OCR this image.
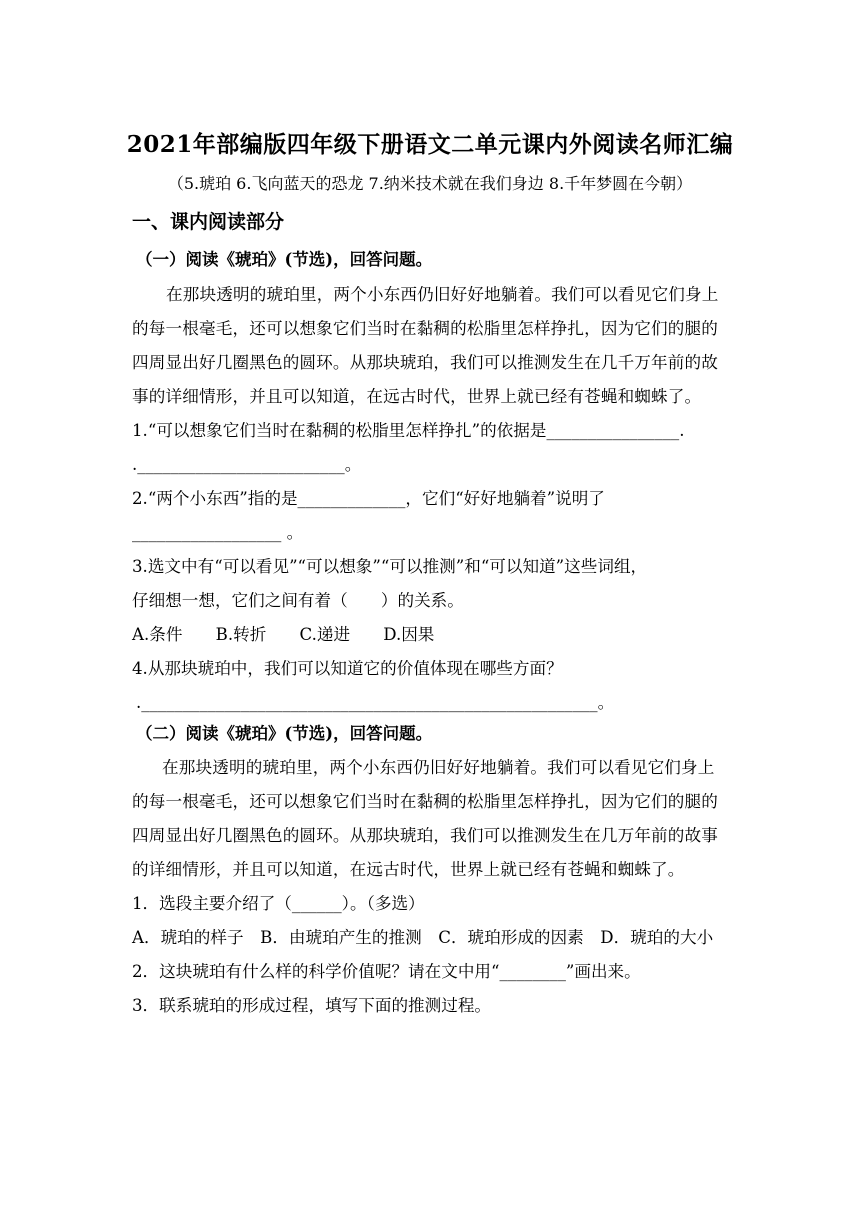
2021年部编版四年级下册语文二单元课内外阅读名师汇编
（5.琥珀 6.飞向蓝天的恐龙 7.纳米技术就在我们身边 8.千年梦圆在今朝）
一、课内阅读部分
（一）阅读《琥珀》(节选)，回答问题。
在那块透明的琥珀里，两个小东西仍旧好好地躺着。我们可以看见它们身上
的每一根毫毛，还可以想象它们当时在黏稠的松脂里怎样挣扎，因为它们的腿的
四周显出好几圈黑色的圆环。从那块琥珀，我们可以推测发生在几千万年前的故
事的详细情形，并且可以知道，在远古时代，世界上就已经有苍蝇和蜘蛛了。
1.“可以想象它们当时在黏稠的松脂里怎样挣扎”的依据是________________.
._________________________。
2.“两个小东西”指的是_____________，它们“好好地躺着”说明了
__________________ 。
3.选文中有“可以看见”“可以想象”“可以推测”和“可以知道”这些词组，
仔细想一想，它们之间有着（　　）的关系。
A.条件　　B.转折　　C.递进　　D.因果
4.从那块琥珀中，我们可以知道它的价值体现在哪些方面？
._______________________________________________________。
（二）阅读《琥珀》(节选)，回答问题。
在那块透明的琥珀里，两个小东西仍旧好好地躺着。我们可以看见它们身上
的每一根毫毛，还可以想象它们当时在黏稠的松脂里怎样挣扎，因为它们的腿的
四周显出好几圈黑色的圆环。从那块琥珀，我们可以推测发生在几万年前的故事
的详细情形，并且可以知道，在远古时代，世界上就已经有苍蝇和蜘蛛了。
1．选段主要介绍了（______）。（多选）
A．琥珀的样子　B．由琥珀产生的推测　C．琥珀形成的因素　D．琥珀的大小
2．这块琥珀有什么样的科学价值呢？请在文中用“________”画出来。
3．联系琥珀的形成过程，填写下面的推测过程。
